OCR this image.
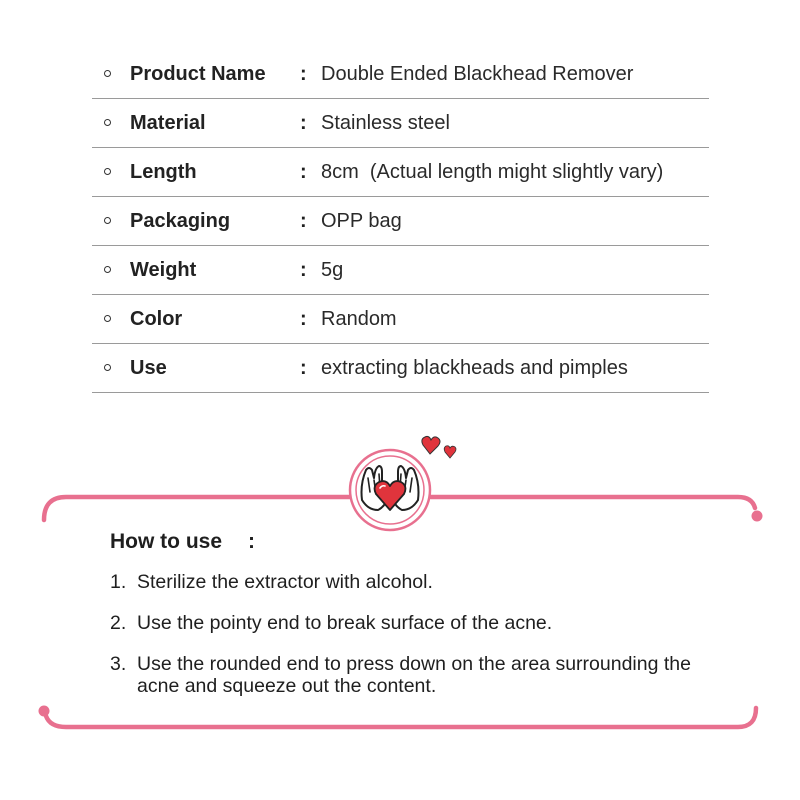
Product Name : Double Ended Blackhead Remover
Material	: Stainless steel
Length	: 8cm  (Actual length might slightly vary)
Packaging	: OPP bag
Weight	: 5g
Color	: Random
Use	: extracting blackheads and pimples
How to use :
1. Sterilize the extractor with alcohol.
2. Use the pointy end to break surface of the acne.
3. Use the rounded end to press down on the area surrounding the acne and squeeze out the content.
